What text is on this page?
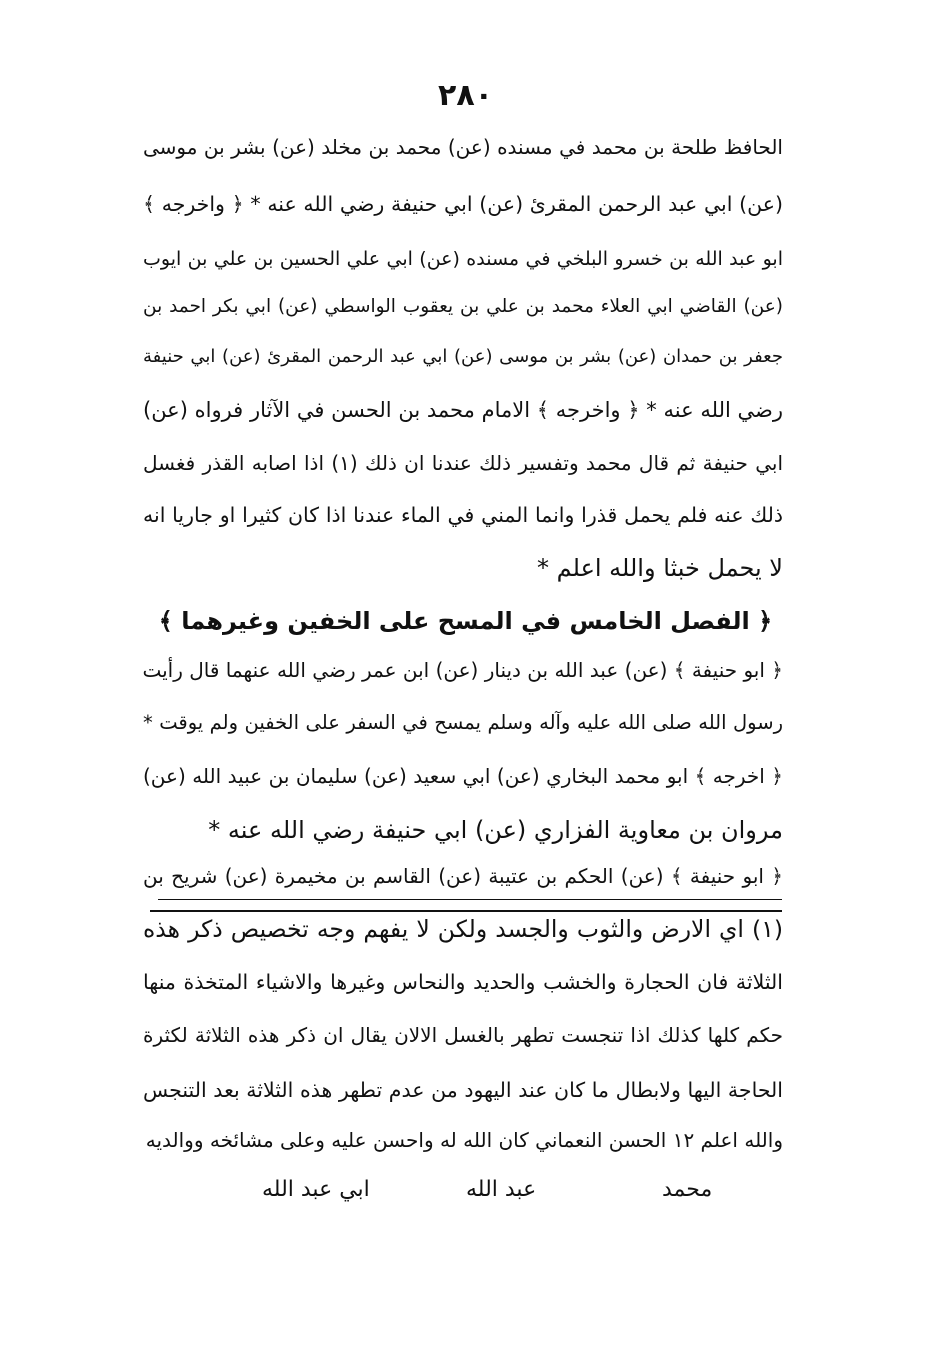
٢٨٠
الحافظ طلحة بن محمد في مسنده (عن) محمد بن مخلد (عن) بشر بن موسى
(عن) ابي عبد الرحمن المقرئ (عن) ابي حنيفة رضي الله عنه * ﴿ واخرجه ﴾
ابو عبد الله بن خسرو البلخي في مسنده (عن) ابي علي الحسين بن علي بن ايوب
(عن) القاضي ابي العلاء محمد بن علي بن يعقوب الواسطي (عن) ابي بكر احمد بن
جعفر بن حمدان (عن) بشر بن موسى (عن) ابي عبد الرحمن المقرئ (عن) ابي حنيفة
رضي الله عنه * ﴿ واخرجه ﴾ الامام محمد بن الحسن في الآثار فرواه (عن)
ابي حنيفة ثم قال محمد وتفسير ذلك عندنا ان ذلك (١) اذا اصابه القذر فغسل
ذلك عنه فلم يحمل قذرا وانما المني في الماء عندنا اذا كان كثيرا او جاريا انه
لا يحمل خبثا والله اعلم *
﴿ الفصل الخامس في المسح على الخفين وغيرهما ﴾
﴿ ابو حنيفة ﴾ (عن) عبد الله بن دينار (عن) ابن عمر رضي الله عنهما قال رأيت
رسول الله صلى الله عليه وآله وسلم يمسح في السفر على الخفين ولم يوقت *
﴿ اخرجه ﴾ ابو محمد البخاري (عن) ابي سعيد (عن) سليمان بن عبيد الله (عن)
مروان بن معاوية الفزاري (عن) ابي حنيفة رضي الله عنه *
﴿ ابو حنيفة ﴾ (عن) الحكم بن عتيبة (عن) القاسم بن مخيمرة (عن) شريح بن
(١) اي الارض والثوب والجسد ولكن لا يفهم وجه تخصيص ذكر هذه
الثلاثة فان الحجارة والخشب والحديد والنحاس وغيرها والاشياء المتخذة منها
حكم كلها كذلك اذا تنجست تطهر بالغسل الالان يقال ان ذكر هذه الثلاثة لكثرة
الحاجة اليها ولابطال ما كان عند اليهود من عدم تطهر هذه الثلاثة بعد التنجس
والله اعلم ١٢ الحسن النعماني كان الله له واحسن عليه وعلى مشائخه ووالديه
ابي عبد الله	عبد الله	محمد
